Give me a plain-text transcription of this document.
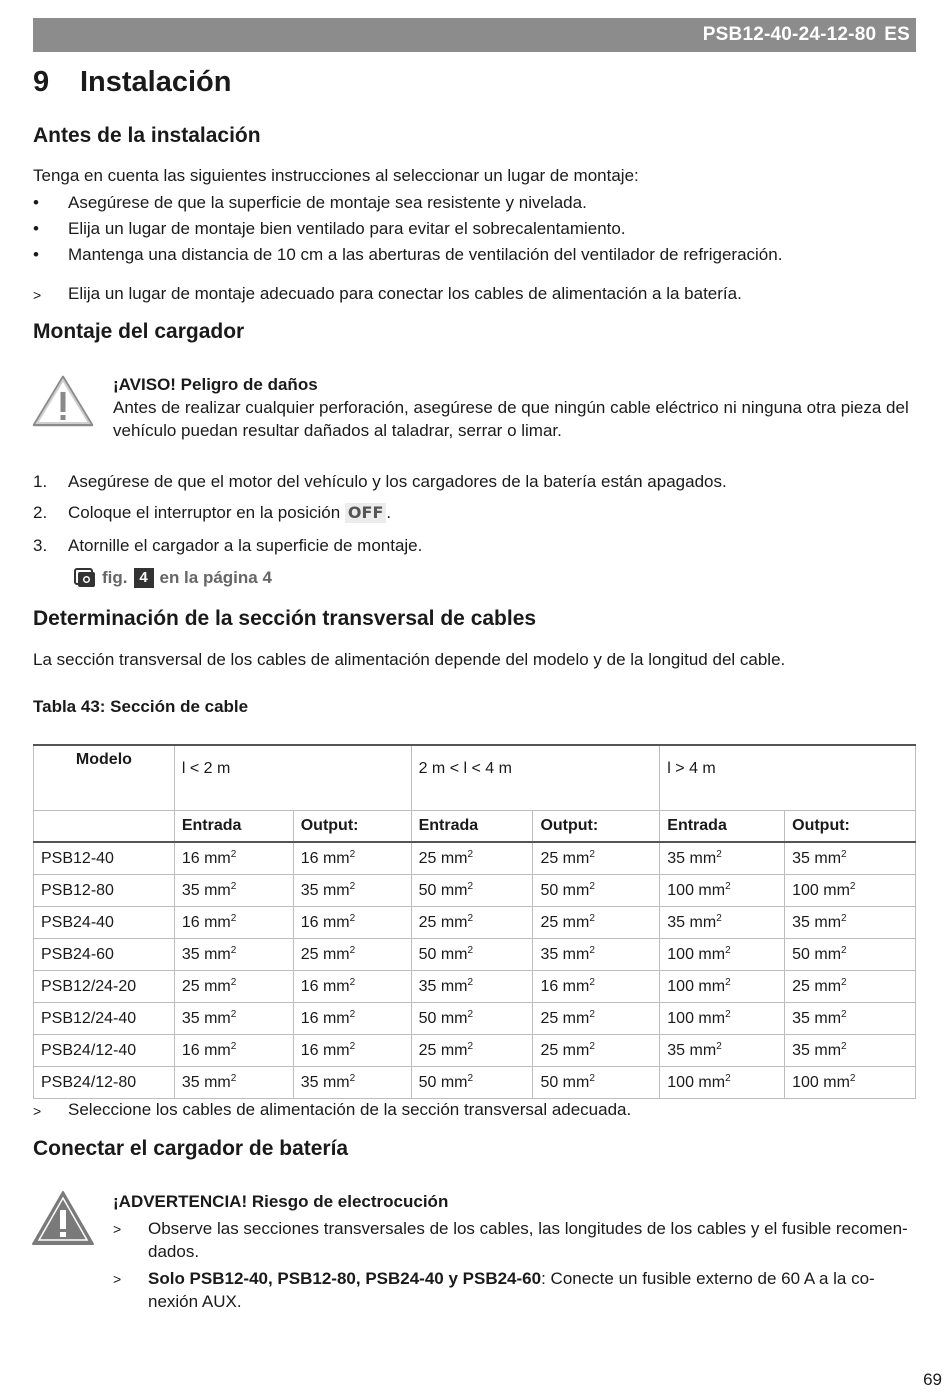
PSB12-40-24-12-80 ES
9 Instalación
Antes de la instalación
Tenga en cuenta las siguientes instrucciones al seleccionar un lugar de montaje:
•	Asegúrese de que la superficie de montaje sea resistente y nivelada.
•	Elija un lugar de montaje bien ventilado para evitar el sobrecalentamiento.
•	Mantenga una distancia de 10 cm a las aberturas de ventilación del ventilador de refrigeración.
> Elija un lugar de montaje adecuado para conectar los cables de alimentación a la batería.
Montaje del cargador
¡AVISO! Peligro de daños
Antes de realizar cualquier perforación, asegúrese de que ningún cable eléctrico ni ninguna otra pieza del vehículo puedan resultar dañados al taladrar, serrar o limar.
1. Asegúrese de que el motor del vehículo y los cargadores de la batería están apagados.
2. Coloque el interruptor en la posición OFF .
3. Atornille el cargador a la superficie de montaje.
fig. 4 en la página 4
Determinación de la sección transversal de cables
La sección transversal de los cables de alimentación depende del modelo y de la longitud del cable.
Tabla 43: Sección de cable
Modelo	l < 2 m		2 m < l < 4 m		l > 4 m	
	Entrada	Output:	Entrada	Output:	Entrada	Output:
PSB12-40	16 $mm^2$	16 $mm^2$	25 $mm^2$	25 $mm^2$	35 $mm^2$	35 $mm^2$
PSB12-80	35 $mm^2$	35 $mm^2$	50 $mm^2$	50 $mm^2$	100 $mm^2$	100 $mm^2$
PSB24-40	16 $mm^2$	16 $mm^2$	25 $mm^2$	25 $mm^2$	35 $mm^2$	35 $mm^2$
PSB24-60	35 $mm^2$	25 $mm^2$	50 $mm^2$	35 $mm^2$	100 $mm^2$	50 $mm^2$
PSB12/24-20	25 $mm^2$	16 $mm^2$	35 $mm^2$	16 $mm^2$	100 $mm^2$	25 $mm^2$
PSB12/24-40	35 $mm^2$	16 $mm^2$	50 $mm^2$	25 $mm^2$	100 $mm^2$	35 $mm^2$
PSB24/12-40	16 $mm^2$	16 $mm^2$	25 $mm^2$	25 $mm^2$	35 $mm^2$	35 $mm^2$
PSB24/12-80	35 $mm^2$	35 $mm^2$	50 $mm^2$	50 $mm^2$	100 $mm^2$	100 $mm^2$
> Seleccione los cables de alimentación de la sección transversal adecuada.
Conectar el cargador de batería
¡ADVERTENCIA! Riesgo de electrocución
> Observe las secciones transversales de los cables, las longitudes de los cables y el fusible recomen-dados.
> Solo PSB12-40, PSB12-80, PSB24-40 y PSB24-60: Conecte un fusible externo de 60 A a la co-nexión AUX.
69
